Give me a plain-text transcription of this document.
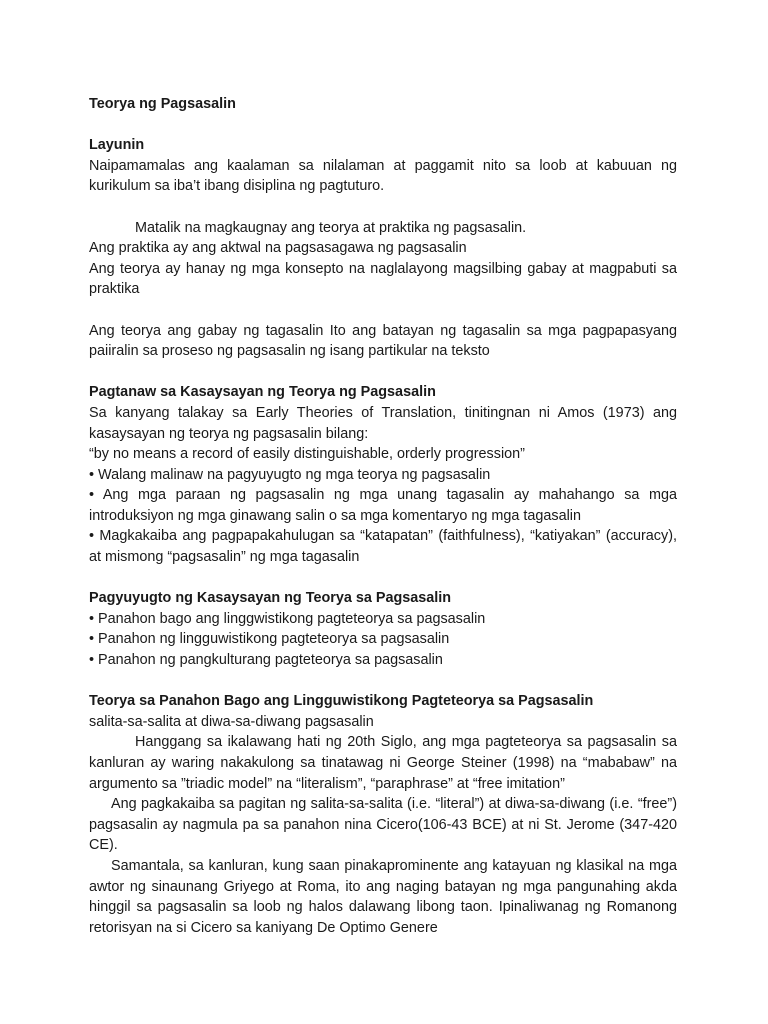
Teorya ng Pagsasalin

Layunin

Naipamamalas ang kaalaman sa nilalaman at paggamit nito sa loob at kabuuan ng kurikulum sa iba’t ibang disiplina ng pagtuturo.

Matalik na magkaugnay ang teorya at praktika ng pagsasalin.

Ang praktika ay ang aktwal na pagsasagawa ng pagsasalin

Ang teorya ay hanay ng mga konsepto na naglalayong magsilbing gabay at magpabuti sa praktika

Ang teorya ang gabay ng tagasalin Ito ang batayan ng tagasalin sa mga pagpapasyang paiiralin sa proseso ng pagsasalin ng isang partikular na teksto

Pagtanaw sa Kasaysayan ng Teorya ng Pagsasalin

Sa kanyang talakay sa Early Theories of Translation, tinitingnan ni Amos (1973) ang kasaysayan ng teorya ng pagsasalin bilang:

“by no means a record of easily distinguishable, orderly progression”

• Walang malinaw na pagyuyugto ng mga teorya ng pagsasalin

• Ang mga paraan ng pagsasalin ng mga unang tagasalin ay mahahango sa mga introduksiyon ng mga ginawang salin o sa mga komentaryo ng mga tagasalin

• Magkakaiba ang pagpapakahulugan sa “katapatan” (faithfulness), “katiyakan” (accuracy), at mismong “pagsasalin” ng mga tagasalin

Pagyuyugto ng Kasaysayan ng Teorya sa Pagsasalin

• Panahon bago ang linggwistikong pagteteorya sa pagsasalin

• Panahon ng lingguwistikong pagteteorya sa pagsasalin

• Panahon ng pangkulturang pagteteorya sa pagsasalin

Teorya sa Panahon Bago ang Lingguwistikong Pagteteorya sa Pagsasalin

salita-sa-salita at diwa-sa-diwang pagsasalin

Hanggang sa ikalawang hati ng 20th Siglo, ang mga pagteteorya sa pagsasalin sa kanluran ay waring nakakulong sa tinatawag ni George Steiner (1998) na “mababaw” na argumento sa ”triadic model” na “literalism”, “paraphrase” at “free imitation”

Ang pagkakaiba sa pagitan ng salita-sa-salita (i.e. “literal”) at diwa-sa-diwang (i.e. “free”) pagsasalin ay nagmula pa sa panahon nina Cicero(106-43 BCE) at ni St. Jerome (347-420 CE).

Samantala, sa kanluran, kung saan pinakaprominente ang katayuan ng klasikal na mga awtor ng sinaunang Griyego at Roma, ito ang naging batayan ng mga pangunahing akda hinggil sa pagsasalin sa loob ng halos dalawang libong taon. Ipinaliwanag ng Romanong retorisyan na si Cicero sa kaniyang De Optimo Genere
